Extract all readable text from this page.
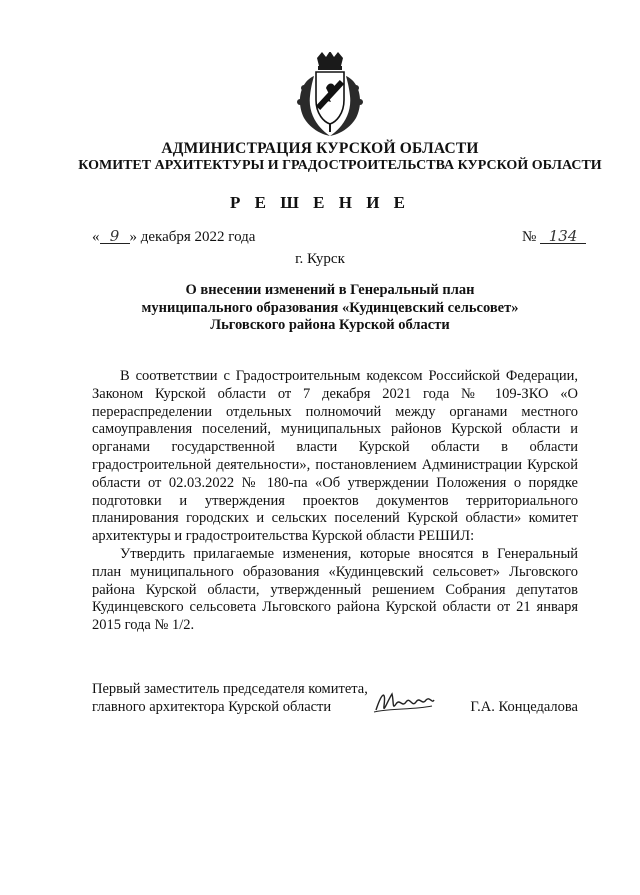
АДМИНИСТРАЦИЯ КУРСКОЙ ОБЛАСТИ
КОМИТЕТ АРХИТЕКТУРЫ И ГРАДОСТРОИТЕЛЬСТВА КУРСКОЙ ОБЛАСТИ
Р Е Ш Е Н И Е
« 9 » декабря 2022 года	№ 134
г. Курск
О внесении изменений в Генеральный план
муниципального образования «Кудинцевский сельсовет»
Льговского района Курской области

В соответствии с Градостроительным кодексом Российской Федерации, Законом Курской области от 7 декабря 2021 года № 109-ЗКО «О перераспределении отдельных полномочий между органами местного самоуправления поселений, муниципальных районов Курской области и органами государственной власти Курской области в области градостроительной деятельности», постановлением Администрации Курской области от 02.03.2022 № 180-па «Об утверждении Положения о порядке подготовки и утверждения проектов документов территориального планирования городских и сельских поселений Курской области» комитет архитектуры и градостроительства Курской области РЕШИЛ:

Утвердить прилагаемые изменения, которые вносятся в Генеральный план муниципального образования «Кудинцевский сельсовет» Льговского района Курской области, утвержденный решением Собрания депутатов Кудинцевского сельсовета Льговского района Курской области от 21 января 2015 года № 1/2.

Первый заместитель председателя комитета,
главного архитектора Курской области	Г.А. Концедалова
